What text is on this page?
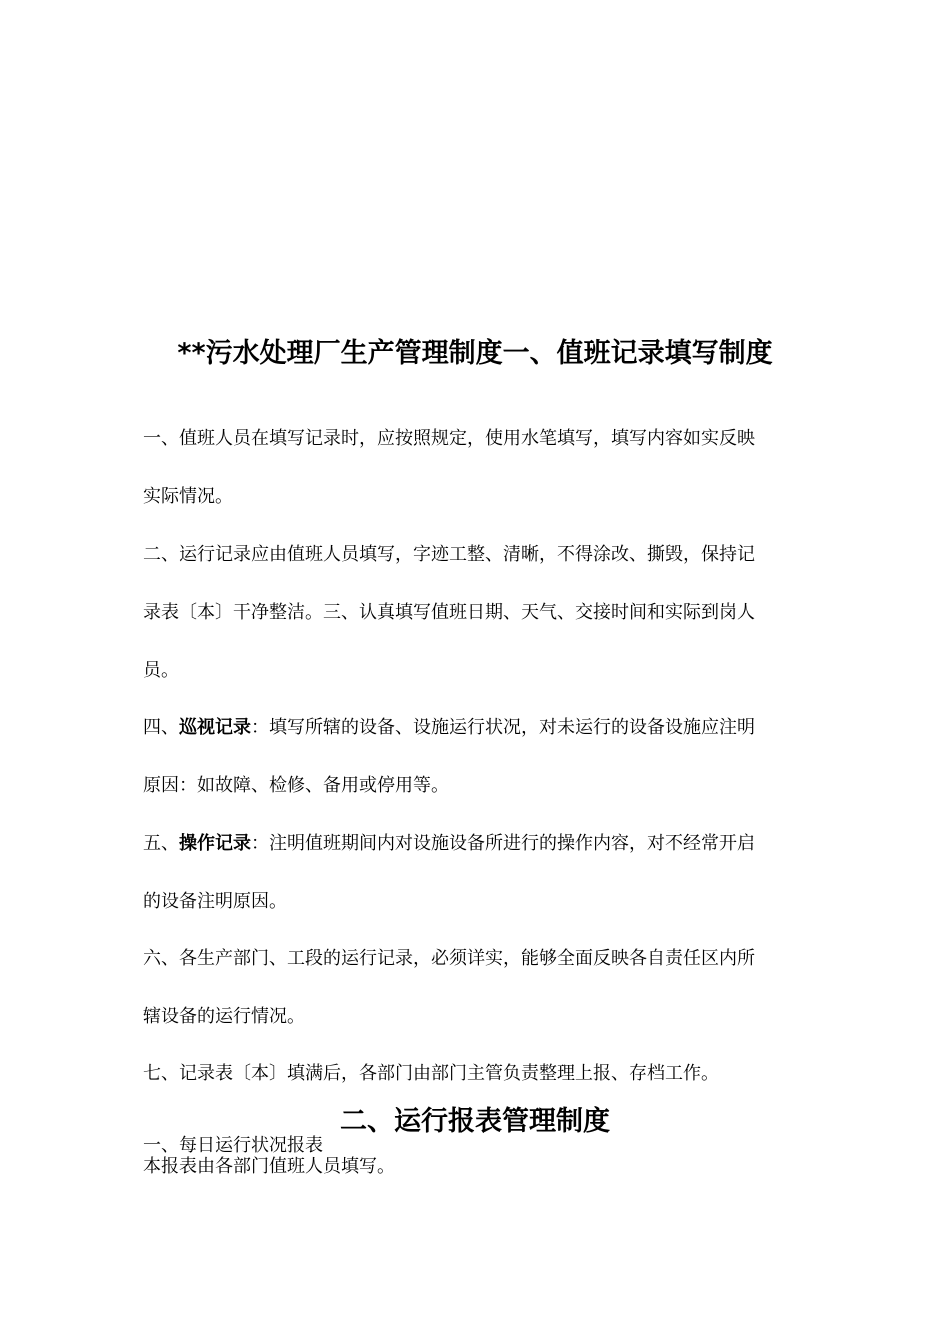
**污水处理厂生产管理制度一、值班记录填写制度
一、值班人员在填写记录时，应按照规定，使用水笔填写，填写内容如实反映
实际情况。
二、运行记录应由值班人员填写，字迹工整、清晰，不得涂改、撕毁，保持记
录表〔本〕干净整洁。三、认真填写值班日期、天气、交接时间和实际到岗人
员。
四、巡视记录：填写所辖的设备、设施运行状况，对未运行的设备设施应注明
原因：如故障、检修、备用或停用等。
五、操作记录：注明值班期间内对设施设备所进行的操作内容，对不经常开启
的设备注明原因。
六、各生产部门、工段的运行记录，必须详实，能够全面反映各自责任区内所
辖设备的运行情况。
七、记录表〔本〕填满后，各部门由部门主管负责整理上报、存档工作。
一、每日运行状况报表
二、运行报表管理制度
本报表由各部门值班人员填写。
